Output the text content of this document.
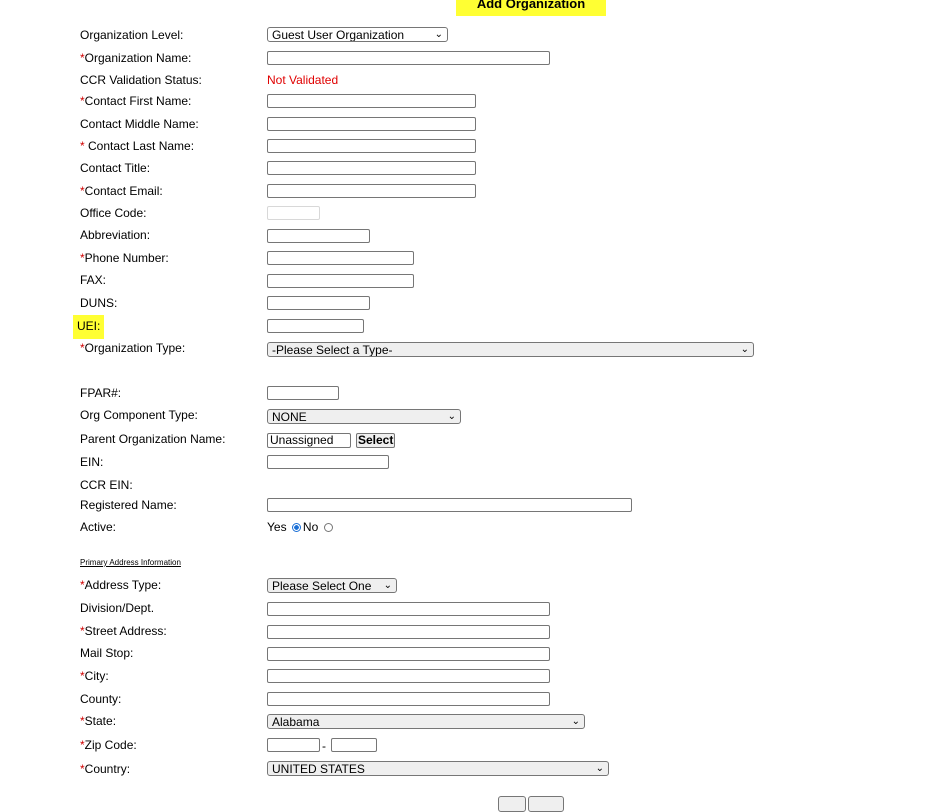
Add Organization
Organization Level:	Guest User Organization	⌄
*Organization Name:
CCR Validation Status:	Not Validated
*Contact First Name:
Contact Middle Name:
* Contact Last Name:
Contact Title:
*Contact Email:
Office Code:
Abbreviation:
*Phone Number:
FAX:
DUNS:
UEI:
*Organization Type:	-Please Select a Type-	⌄
FPAR#:
Org Component Type:	NONE	⌄
Parent Organization Name:	Unassigned	Select
EIN:
CCR EIN:
Registered Name:
Active:	Yes No
Primary Address Information
*Address Type:	Please Select One ⌄
Division/Dept.
*Street Address:
Mail Stop:
*City:
County:
*State:	Alabama	⌄
*Zip Code:	-
*Country:	UNITED STATES	⌄
